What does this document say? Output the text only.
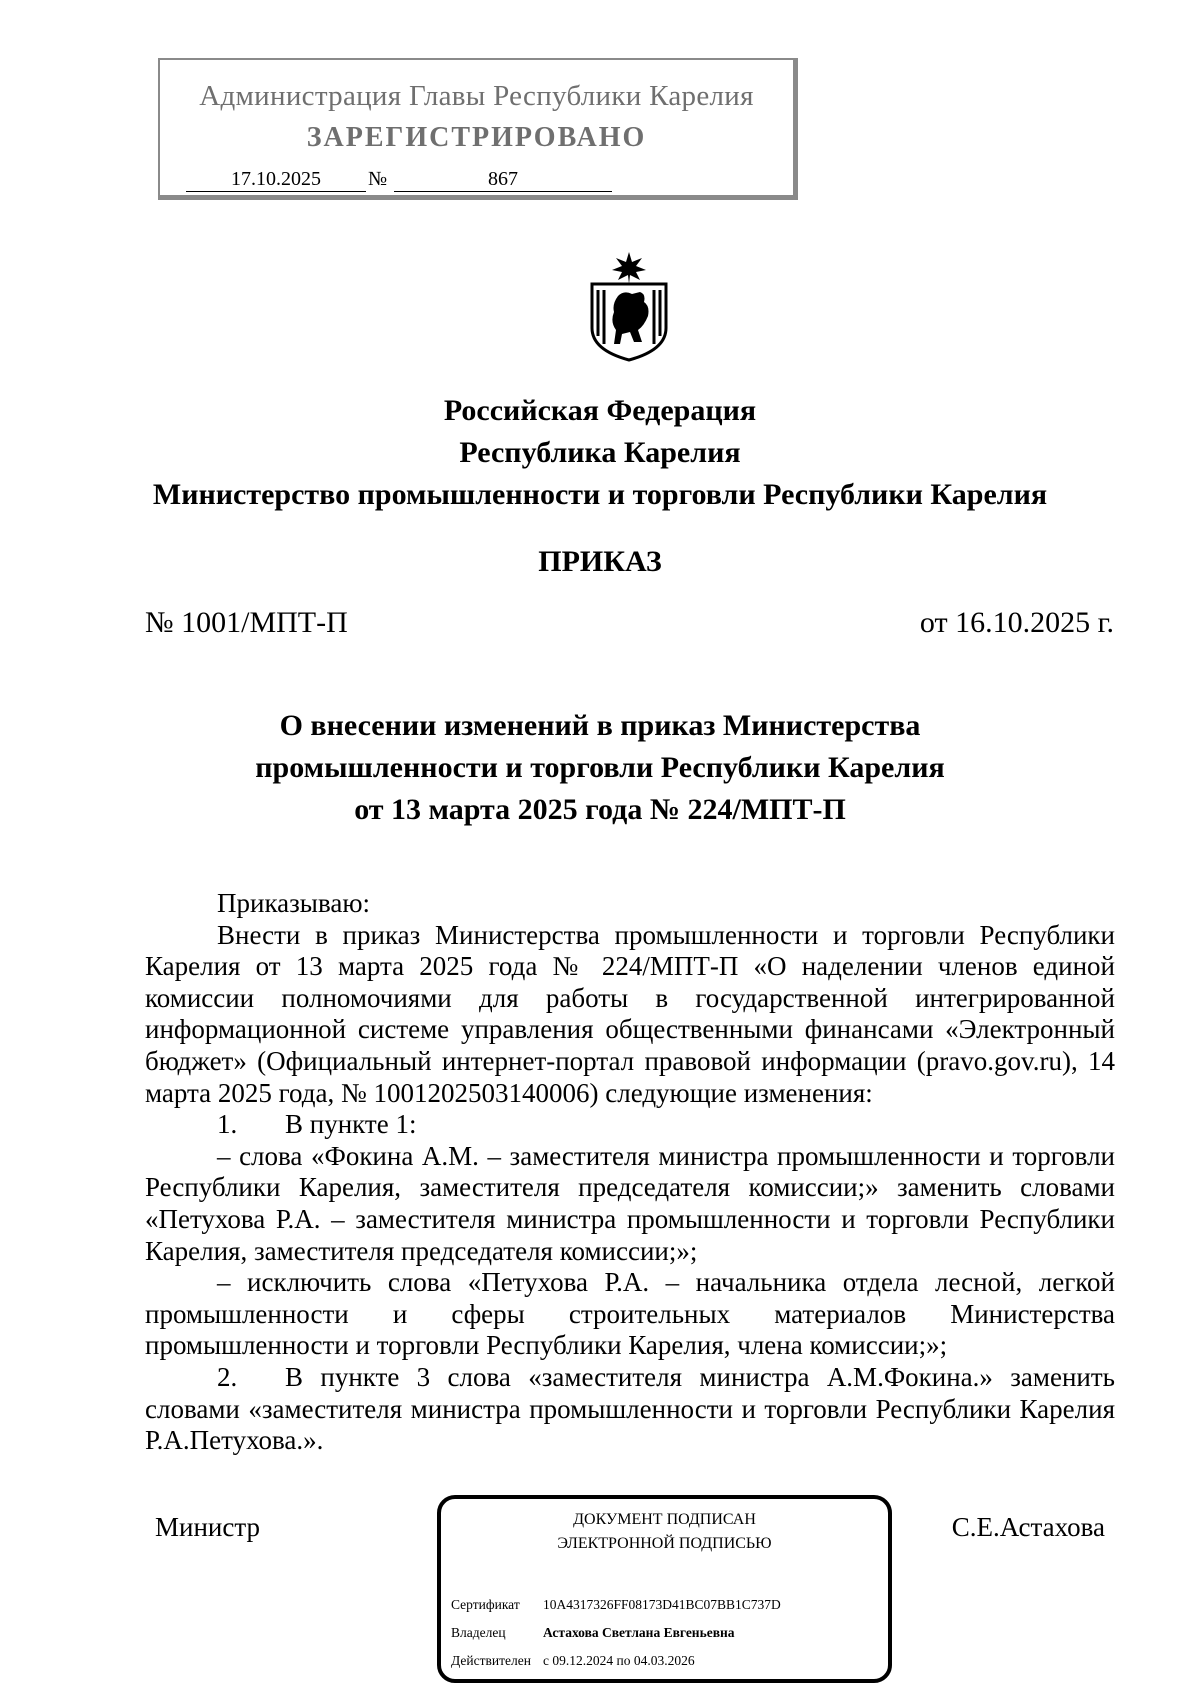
Администрация Главы Республики Карелия
ЗАРЕГИСТРИРОВАНО
17.10.2025	№	867
Российская Федерация
Республика Карелия
Министерство промышленности и торговли Республики Карелия
ПРИКАЗ
№ 1001/МПТ-П	от 16.10.2025 г.
О внесении изменений в приказ Министерства
промышленности и торговли Республики Карелия
от 13 марта 2025 года № 224/МПТ-П

Приказываю:

Внести в приказ Министерства промышленности и торговли Республики Карелия от 13 марта 2025 года № 224/МПТ-П «О наделении членов единой комиссии полномочиями для работы в государственной интегрированной информационной системе управления общественными финансами «Электронный бюджет» (Официальный интернет-портал правовой информации (pravo.gov.ru), 14 марта 2025 года, № 1001202503140006) следующие изменения:

1. В пункте 1:

– слова «Фокина А.М. – заместителя министра промышленности и торговли Республики Карелия, заместителя председателя комиссии;» заменить словами «Петухова Р.А. – заместителя министра промышленности и торговли Республики Карелия, заместителя председателя комиссии;»;

– исключить слова «Петухова Р.А. – начальника отдела лесной, легкой промышленности и сферы строительных материалов Министерства

промышленности и торговли Республики Карелия, члена комиссии;»;

2. В пункте 3 слова «заместителя министра А.М.Фокина.» заменить словами «заместителя министра промышленности и торговли Республики Карелия Р.А.Петухова.».

Министр	С.Е.Астахова
ДОКУМЕНТ ПОДПИСАН
ЭЛЕКТРОННОЙ ПОДПИСЬЮ
Сертификат 10A4317326FF08173D41BC07BB1C737D
Владелец	Астахова Светлана Евгеньевна
Действителен с 09.12.2024 по 04.03.2026
